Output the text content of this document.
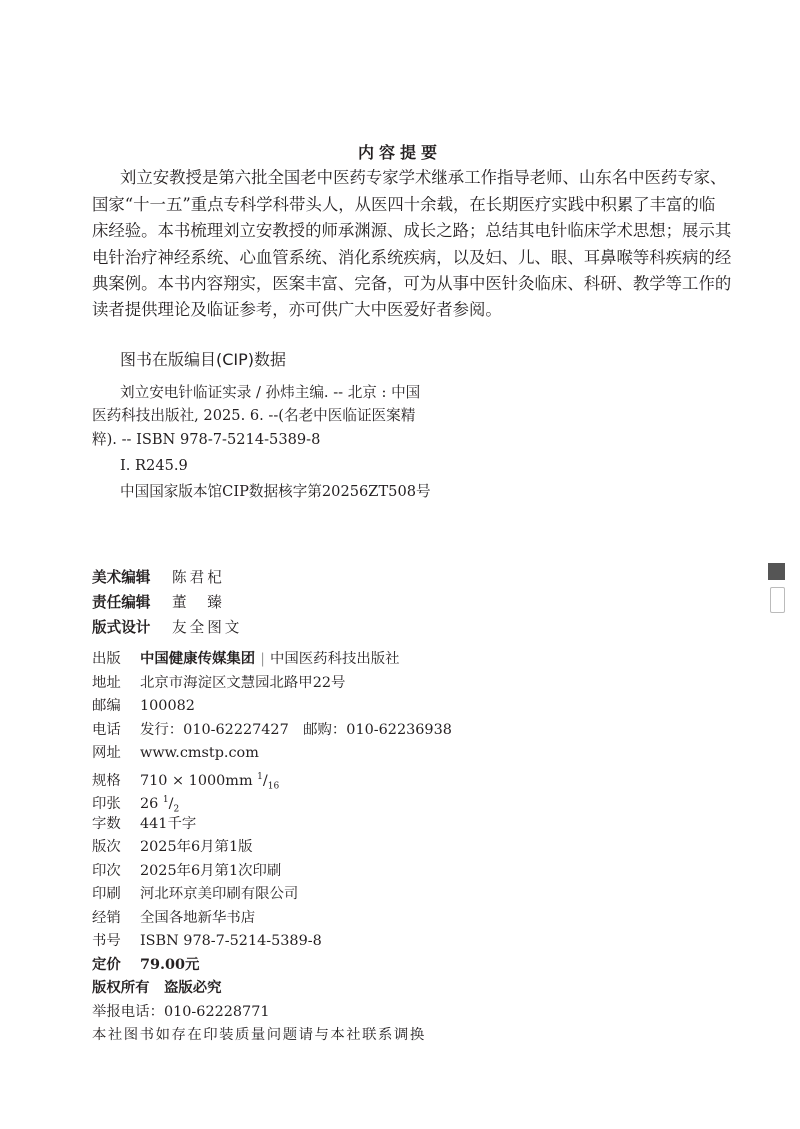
内容提要
刘立安教授是第六批全国老中医药专家学术继承工作指导老师、山东名中医药专家、
国家“十一五”重点专科学科带头人，从医四十余载，在长期医疗实践中积累了丰富的临
床经验。本书梳理刘立安教授的师承渊源、成长之路；总结其电针临床学术思想；展示其
电针治疗神经系统、心血管系统、消化系统疾病，以及妇、儿、眼、耳鼻喉等科疾病的经
典案例。本书内容翔实，医案丰富、完备，可为从事中医针灸临床、科研、教学等工作的
读者提供理论及临证参考，亦可供广大中医爱好者参阅。
图书在版编目(CIP)数据
刘立安电针临证实录 / 孙炜主编. -- 北京 : 中国
医药科技出版社, 2025. 6. --(名老中医临证医案精
粹). -- ISBN 978-7-5214-5389-8
Ⅰ. R245.9
中国国家版本馆CIP数据核字第20256ZT508号
美术编辑 陈君杞
责任编辑 董　臻
版式设计 友全图文
出版 中国健康传媒集团 | 中国医药科技出版社
地址 北京市海淀区文慧园北路甲22号
邮编 100082
电话 发行：010-62227427　邮购：010-62236938
网址 www.cmstp.com
规格 710 × 1000mm $^1/_{16}$
印张 26 $^1/_2$
字数 441千字
版次 2025年6月第1版
印次 2025年6月第1次印刷
印刷 河北环京美印刷有限公司
经销 全国各地新华书店
书号 ISBN 978-7-5214-5389-8
定价 79.00元
版权所有　盗版必究
举报电话：010-62228771
本社图书如存在印装质量问题请与本社联系调换
